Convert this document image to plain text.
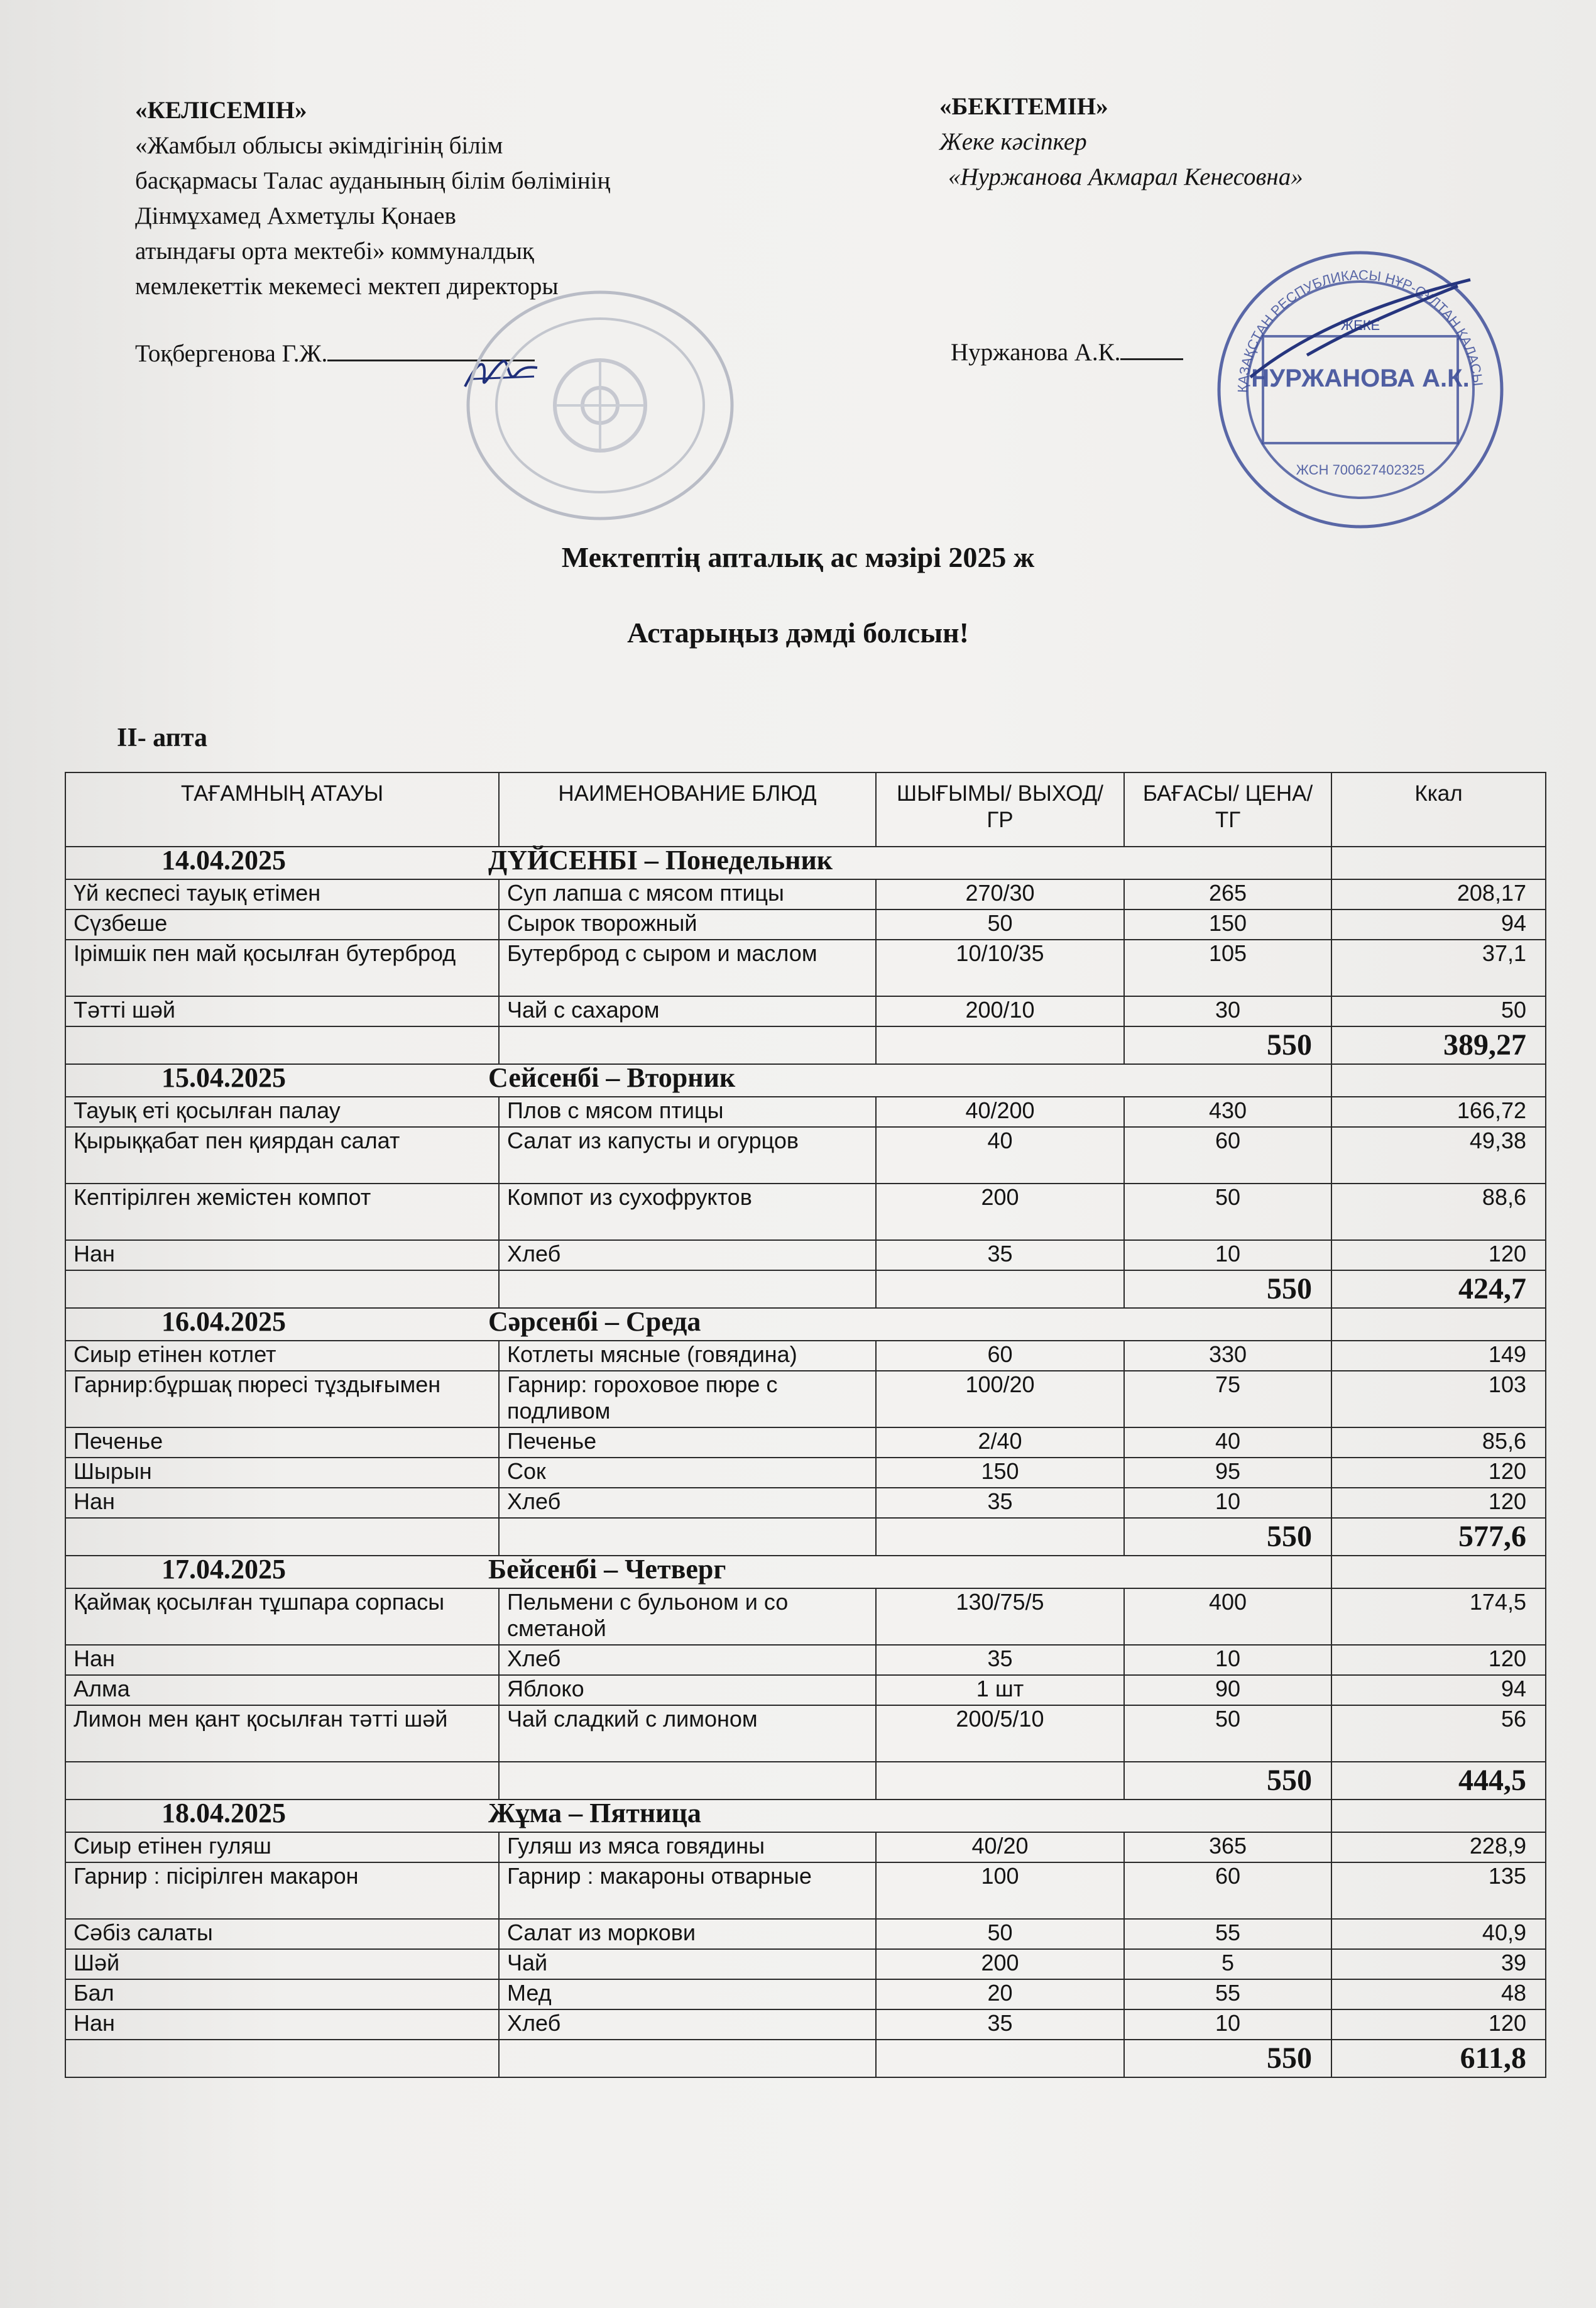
«КЕЛІСЕМІН»
«Жамбыл облысы әкімдігінің білім
басқармасы Талас ауданының білім бөлімінің
Дінмұхамед Ахметұлы Қонаев
атындағы орта мектебі» коммуналдық
мемлекеттік мекемесі мектеп директоры
Тоқбергенова Г.Ж.
«БЕКІТЕМІН»
Жеке кәсіпкер
«Нуржанова Акмарал Кенесовна»
Нуржанова А.К.
ҚАЗАҚСТАН РЕСПУБЛИКАСЫ НҰР-СҰЛТАН ҚАЛАСЫ
ЖЕКЕ
НУРЖАНОВА А.К.
ЖСН 700627402325
Мектептің апталық ас мәзірі 2025 ж
Астарыңыз дәмді болсын!
II- апта
ТАҒАМНЫҢ АТАУЫ	НАИМЕНОВАНИЕ БЛЮД	ШЫҒЫМЫ/ ВЫХОД/ГР	БАҒАСЫ/ ЦЕНА/ТГ	Ккал
14.04.2025 ДҮЙСЕНБІ – Понедельник				
Үй кеспесі тауық етімен	Суп лапша с мясом птицы	270/30	265	208,17
Сүзбеше	Сырок творожный	50	150	94
Ірімшік пен май қосылған бутерброд	Бутерброд с сыром и маслом	10/10/35	105	37,1
Тәтті шәй	Чай с сахаром	200/10	30	50
			550	389,27
15.04.2025 Сейсенбі – Вторник				
Тауық еті қосылған палау	Плов с мясом птицы	40/200	430	166,72
Қырыққабат пен қиярдан салат	Салат из капусты и огурцов	40	60	49,38
Кептірілген жемістен компот	Компот из сухофруктов	200	50	88,6
Нан	Хлеб	35	10	120
			550	424,7
16.04.2025 Сәрсенбі – Среда				
Сиыр етінен котлет	Котлеты мясные (говядина)	60	330	149
Гарнир:бұршақ пюресі тұздығымен	Гарнир: гороховое пюре с подливом	100/20	75	103
Печенье	Печенье	2/40	40	85,6
Шырын	Сок	150	95	120
Нан	Хлеб	35	10	120
			550	577,6
17.04.2025 Бейсенбі – Четверг				
Қаймақ қосылған тұшпара сорпасы	Пельмени с бульоном и со сметаной	130/75/5	400	174,5
Нан	Хлеб	35	10	120
Алма	Яблоко	1 шт	90	94
Лимон мен қант қосылған тәтті шәй	Чай сладкий с лимоном	200/5/10	50	56
			550	444,5
18.04.2025 Жұма – Пятница				
Сиыр етінен гуляш	Гуляш из мяса говядины	40/20	365	228,9
Гарнир : пісірілген макарон	Гарнир : макароны отварные	100	60	135
Сәбіз салаты	Салат из моркови	50	55	40,9
Шәй	Чай	200	5	39
Бал	Мед	20	55	48
Нан	Хлеб	35	10	120
			550	611,8
